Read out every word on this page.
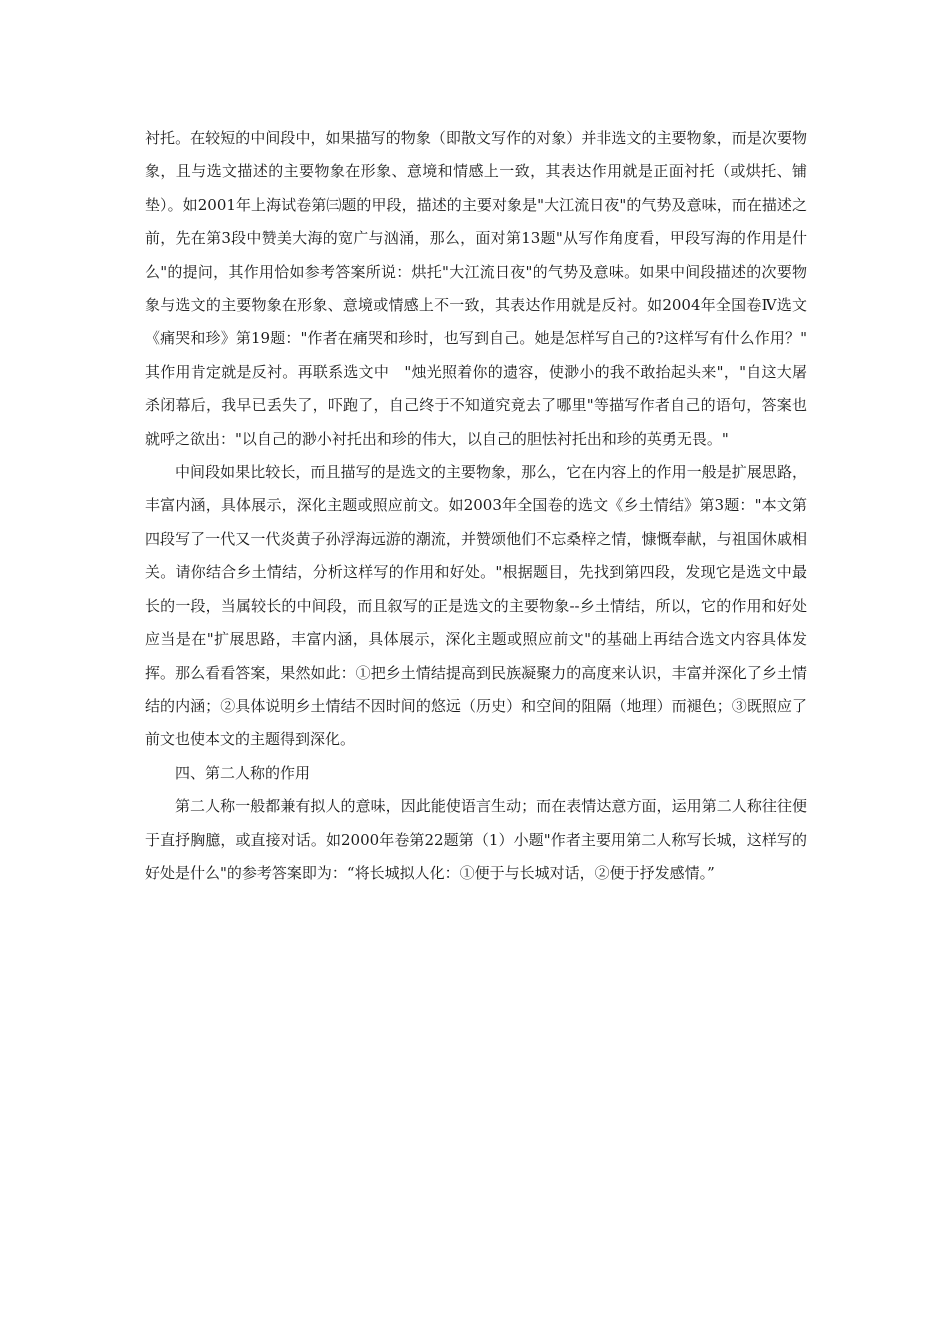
衬托。在较短的中间段中，如果描写的物象（即散文写作的对象）并非选文的主要物象，而是次要物象，且与选文描述的主要物象在形象、意境和情感上一致，其表达作用就是正面衬托（或烘托、铺垫）。如2001年上海试卷第㈢题的甲段，描述的主要对象是"大江流日夜"的气势及意味，而在描述之前，先在第3段中赞美大海的宽广与汹涌，那么，面对第13题"从写作角度看，甲段写海的作用是什么"的提问，其作用恰如参考答案所说：烘托"大江流日夜"的气势及意味。如果中间段描述的次要物象与选文的主要物象在形象、意境或情感上不一致，其表达作用就是反衬。如2004年全国卷Ⅳ选文《痛哭和珍》第19题："作者在痛哭和珍时，也写到自己。她是怎样写自己的?这样写有什么作用？"　其作用肯定就是反衬。再联系选文中　"烛光照着你的遗容，使渺小的我不敢抬起头来"，"自这大屠杀闭幕后，我早已丢失了，吓跑了，自己终于不知道究竟去了哪里"等描写作者自己的语句，答案也就呼之欲出："以自己的渺小衬托出和珍的伟大，以自己的胆怯衬托出和珍的英勇无畏。"

中间段如果比较长，而且描写的是选文的主要物象，那么，它在内容上的作用一般是扩展思路，丰富内涵，具体展示，深化主题或照应前文。如2003年全国卷的选文《乡土情结》第3题："本文第四段写了一代又一代炎黄子孙浮海远游的潮流，并赞颂他们不忘桑梓之情，慷慨奉献，与祖国休戚相关。请你结合乡土情结，分析这样写的作用和好处。"根据题目，先找到第四段，发现它是选文中最长的一段，当属较长的中间段，而且叙写的正是选文的主要物象--乡土情结，所以，它的作用和好处应当是在"扩展思路，丰富内涵，具体展示，深化主题或照应前文"的基础上再结合选文内容具体发挥。那么看看答案，果然如此：①把乡土情结提高到民族凝聚力的高度来认识，丰富并深化了乡土情结的内涵；②具体说明乡土情结不因时间的悠远（历史）和空间的阻隔（地理）而褪色；③既照应了前文也使本文的主题得到深化。

四、第二人称的作用

第二人称一般都兼有拟人的意味，因此能使语言生动；而在表情达意方面，运用第二人称往往便于直抒胸臆，或直接对话。如2000年卷第22题第（1）小题"作者主要用第二人称写长城，这样写的好处是什么"的参考答案即为：“将长城拟人化：①便于与长城对话，②便于抒发感情。”
